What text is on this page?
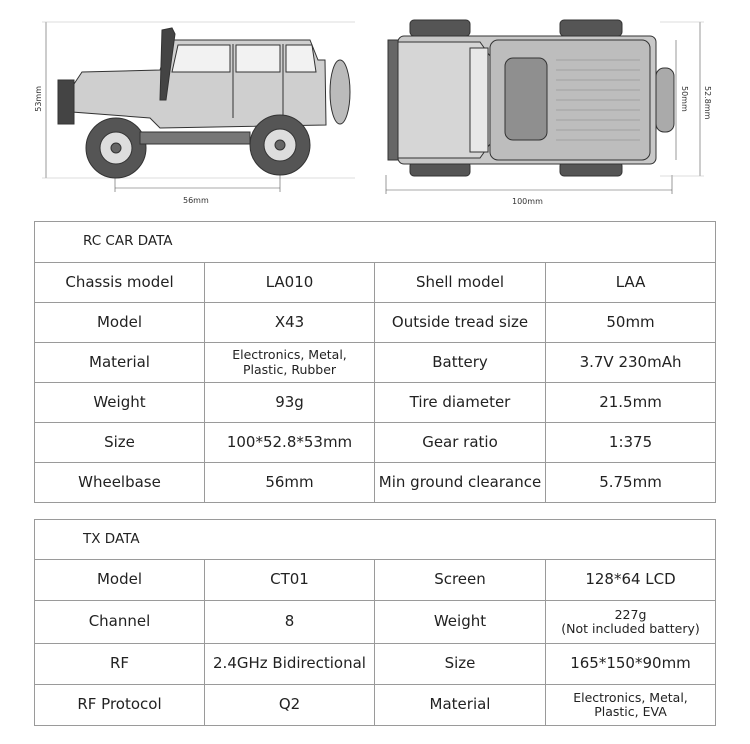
53mm
56mm	100mm
50mm 52.8mm
RC CAR DATA			
Chassis model	LA010	Shell model	LAA
Model	X43	Outside tread size	50mm
Material	Electronics, Metal,
Plastic, Rubber	Battery	3.7V 230mAh
Weight	93g	Tire diameter	21.5mm
Size	100*52.8*53mm	Gear ratio	1:375
Wheelbase	56mm	Min ground clearance	5.75mm
TX DATA			
Model	CT01	Screen	128*64 LCD
Channel	8	Weight	227g
(Not included battery)

RF	2.4GHz Bidirectional	Size	165*150*90mm
RF Protocol	Q2	Material	Electronics, Metal,
Plastic, EVA
